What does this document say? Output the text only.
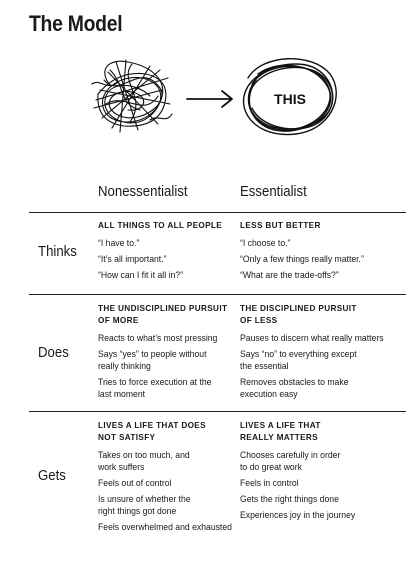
The Model
THIS
Nonessentialist	Essentialist
Thinks
ALL THINGS TO ALL PEOPLE
“I have to.”
“It’s all important.”
“How can I fit it all in?”
LESS BUT BETTER
“I choose to.”
“Only a few things really matter.”
“What are the trade-offs?”
Does
THE UNDISCIPLINED PURSUIT
OF MORE
Reacts to what’s most pressing
Says “yes” to people without
really thinking
Tries to force execution at the
last moment
THE DISCIPLINED PURSUIT
OF LESS
Pauses to discern what really matters
Says “no” to everything except
the essential
Removes obstacles to make
execution easy
Gets
LIVES A LIFE THAT DOES
NOT SATISFY
Takes on too much, and
work suffers
Feels out of control
Is unsure of whether the
right things got done
Feels overwhelmed and exhausted
LIVES A LIFE THAT
REALLY MATTERS
Chooses carefully in order
to do great work
Feels in control
Gets the right things done
Experiences joy in the journey
